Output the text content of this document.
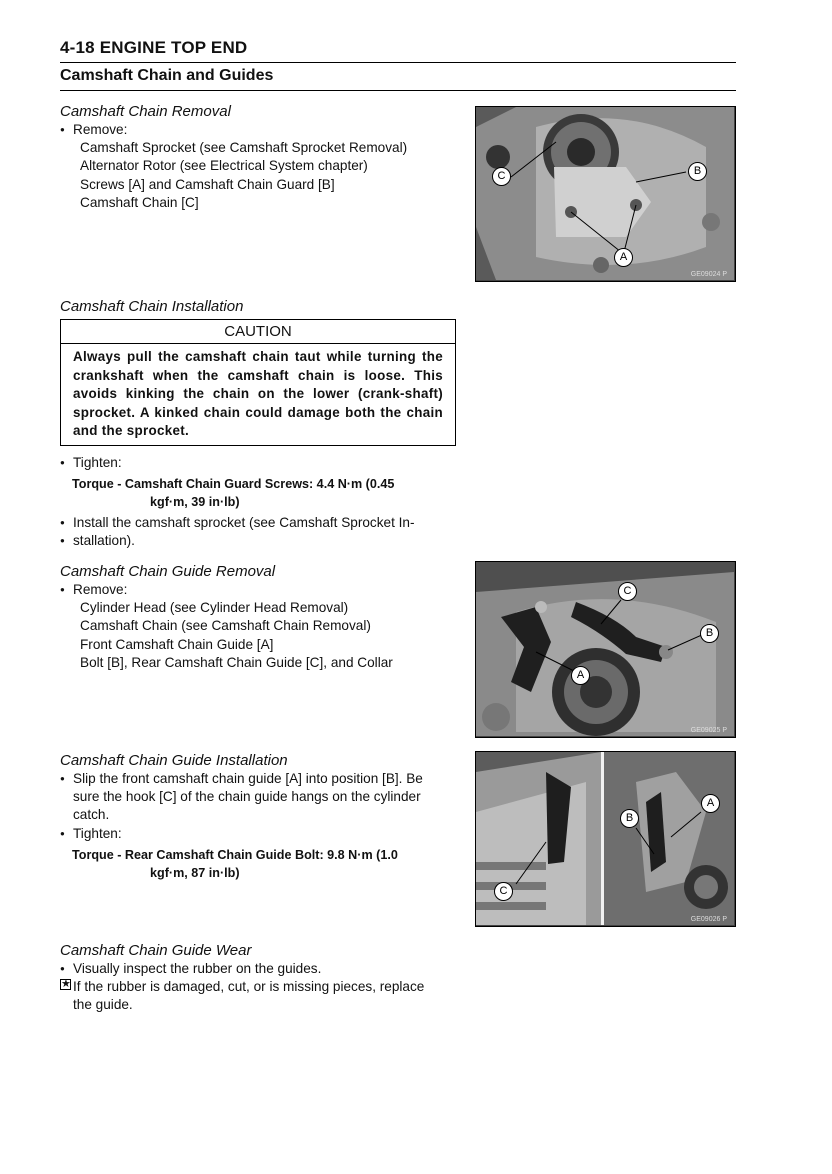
4-18 ENGINE TOP END
Camshaft Chain and Guides
Camshaft Chain Removal
● Remove:
Camshaft Sprocket (see Camshaft Sprocket Removal)
Alternator Rotor (see Electrical System chapter)
Screws [A] and Camshaft Chain Guard [B]
Camshaft Chain [C]
A
B
C
GE09024 P
Camshaft Chain Installation
CAUTION
Always pull the camshaft chain taut while turning the crankshaft when the camshaft chain is loose. This avoids kinking the chain on the lower (crank-shaft) sprocket. A kinked chain could damage both the chain and the sprocket.
● Tighten:
Torque - Camshaft Chain Guard Screws: 4.4 N·m (0.45
kgf·m, 39 in·lb)
● Install the camshaft sprocket (see Camshaft Sprocket In-
● stallation).
Camshaft Chain Guide Removal
● Remove:
Cylinder Head (see Cylinder Head Removal)
Camshaft Chain (see Camshaft Chain Removal)
Front Camshaft Chain Guide [A]
Bolt [B], Rear Camshaft Chain Guide [C], and Collar
A
B
C
GE09025 P
Camshaft Chain Guide Installation
● Slip the front camshaft chain guide [A] into position [B]. Be
sure the hook [C] of the chain guide hangs on the cylinder
catch.
● Tighten:
Torque - Rear Camshaft Chain Guide Bolt: 9.8 N·m (1.0
kgf·m, 87 in·lb)
A
B
C
GE09026 P
Camshaft Chain Guide Wear
● Visually inspect the rubber on the guides.
★ If the rubber is damaged, cut, or is missing pieces, replace
the guide.
